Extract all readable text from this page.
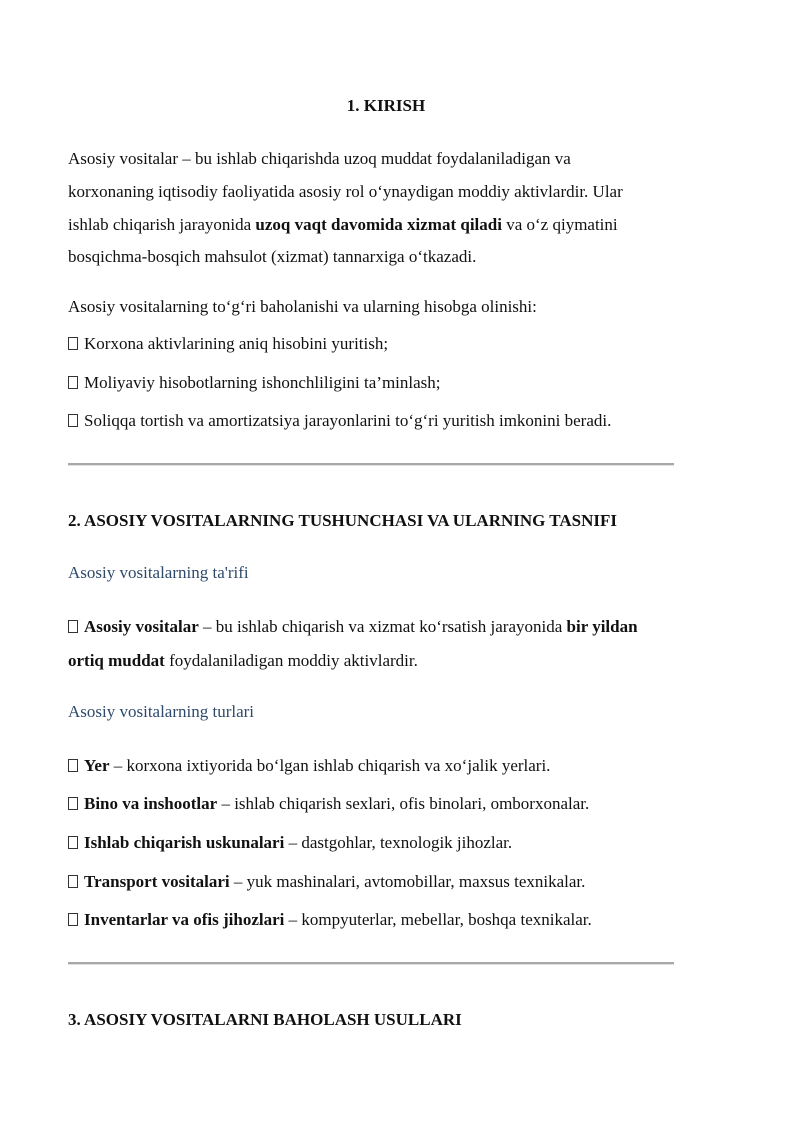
1. KIRISH
Asosiy vositalar – bu ishlab chiqarishda uzoq muddat foydalaniladigan va
korxonaning iqtisodiy faoliyatida asosiy rol o‘ynaydigan moddiy aktivlardir. Ular
ishlab chiqarish jarayonida uzoq vaqt davomida xizmat qiladi va o‘z qiymatini
bosqichma-bosqich mahsulot (xizmat) tannarxiga o‘tkazadi.
Asosiy vositalarning to‘g‘ri baholanishi va ularning hisobga olinishi:
Korxona aktivlarining aniq hisobini yuritish;
Moliyaviy hisobotlarning ishonchliligini ta’minlash;
Soliqqa tortish va amortizatsiya jarayonlarini to‘g‘ri yuritish imkonini beradi.
2. ASOSIY VOSITALARNING TUSHUNCHASI VA ULARNING TASNIFI
Asosiy vositalarning ta'rifi
Asosiy vositalar – bu ishlab chiqarish va xizmat ko‘rsatish jarayonida bir yildan
ortiq muddat foydalaniladigan moddiy aktivlardir.
Asosiy vositalarning turlari
Yer – korxona ixtiyorida bo‘lgan ishlab chiqarish va xo‘jalik yerlari.
Bino va inshootlar – ishlab chiqarish sexlari, ofis binolari, omborxonalar.
Ishlab chiqarish uskunalari – dastgohlar, texnologik jihozlar.
Transport vositalari – yuk mashinalari, avtomobillar, maxsus texnikalar.
Inventarlar va ofis jihozlari – kompyuterlar, mebellar, boshqa texnikalar.
3. ASOSIY VOSITALARNI BAHOLASH USULLARI
